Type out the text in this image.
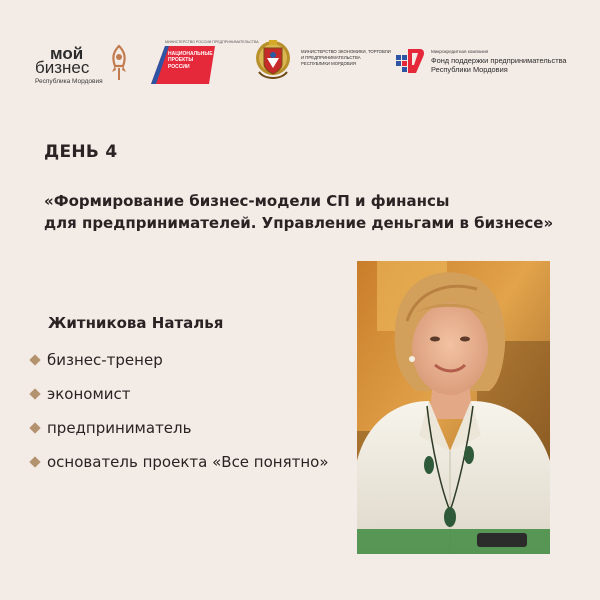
мой
бизнес
Республика Мордовия
МИНИСТЕРСТВО РОССИИ ПРЕДПРИНИМАТЕЛЬСТВА
НАЦИОНАЛЬНЫЕ
ПРОЕКТЫ
РОССИИ
МИНИСТЕРСТВО ЭКОНОМИКИ, ТОРГОВЛИ
И ПРЕДПРИНИМАТЕЛЬСТВА
РЕСПУБЛИКИ МОРДОВИЯ
Микрокредитная компания
Фонд поддержки предпринимательства
Республики Мордовия
ДЕНЬ 4
«Формирование бизнес-модели СП и финансы
для предпринимателей. Управление деньгами в бизнесе»
Житникова Наталья
бизнес-тренер
экономист
предприниматель
основатель проекта «Все понятно»
